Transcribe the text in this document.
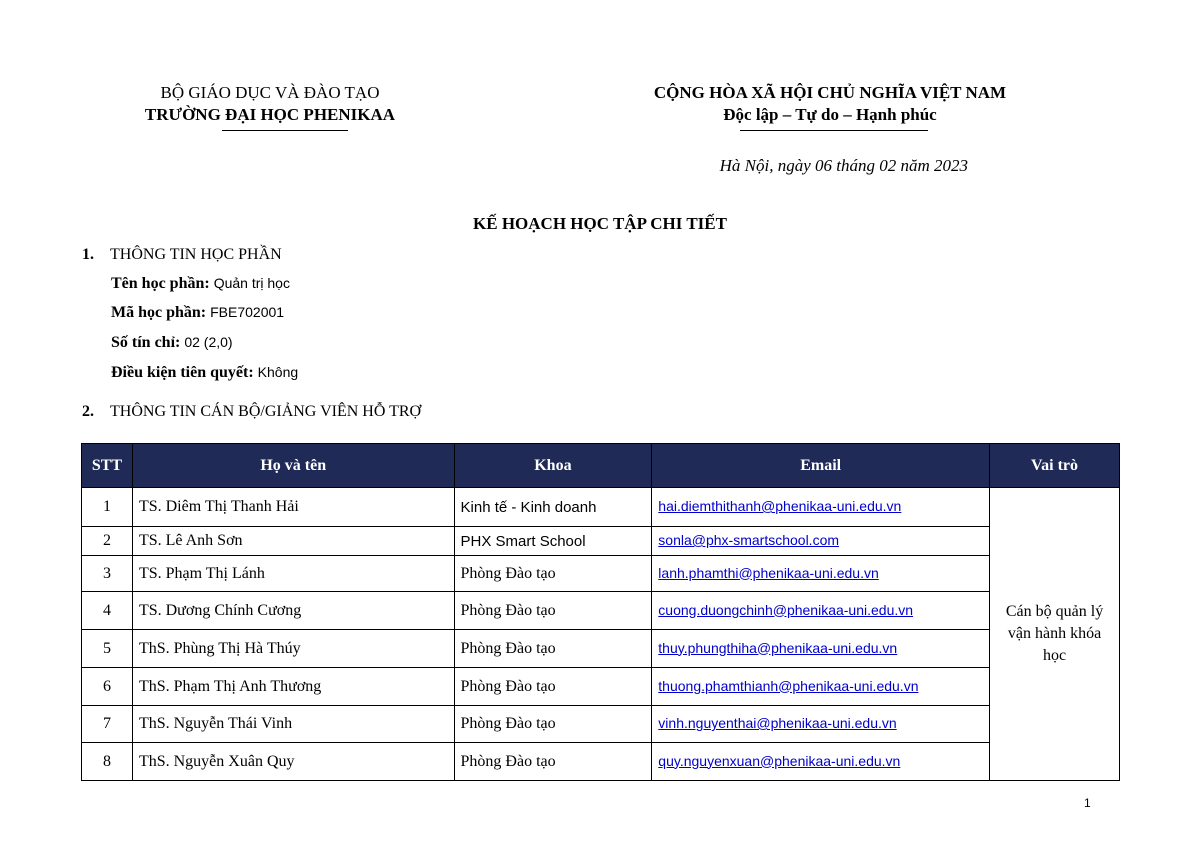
BỘ GIÁO DỤC VÀ ĐÀO TẠO
TRƯỜNG ĐẠI HỌC PHENIKAA
CỘNG HÒA XÃ HỘI CHỦ NGHĨA VIỆT NAM
Độc lập – Tự do – Hạnh phúc
Hà Nội, ngày 06 tháng 02 năm 2023
KẾ HOẠCH HỌC TẬP CHI TIẾT
1. THÔNG TIN HỌC PHẦN
Tên học phần: Quản trị học
Mã học phần: FBE702001
Số tín chỉ: 02 (2,0)
Điều kiện tiên quyết: Không
2. THÔNG TIN CÁN BỘ/GIẢNG VIÊN HỖ TRỢ
STT	Họ và tên	Khoa	Email	Vai trò
1	TS. Diêm Thị Thanh Hải	Kinh tế - Kinh doanh	hai.diemthithanh@phenikaa-uni.edu.vn	Cán bộ quản lý vận hành khóa học
2	TS. Lê Anh Sơn	PHX Smart School	sonla@phx-smartschool.com	
3	TS. Phạm Thị Lánh	Phòng Đào tạo	lanh.phamthi@phenikaa-uni.edu.vn	
4	TS. Dương Chính Cương	Phòng Đào tạo	cuong.duongchinh@phenikaa-uni.edu.vn	
5	ThS. Phùng Thị Hà Thúy	Phòng Đào tạo	thuy.phungthiha@phenikaa-uni.edu.vn	
6	ThS. Phạm Thị Anh Thương	Phòng Đào tạo	thuong.phamthianh@phenikaa-uni.edu.vn	
7	ThS. Nguyễn Thái Vinh	Phòng Đào tạo	vinh.nguyenthai@phenikaa-uni.edu.vn	
8	ThS. Nguyễn Xuân Quy	Phòng Đào tạo	quy.nguyenxuan@phenikaa-uni.edu.vn	
1
